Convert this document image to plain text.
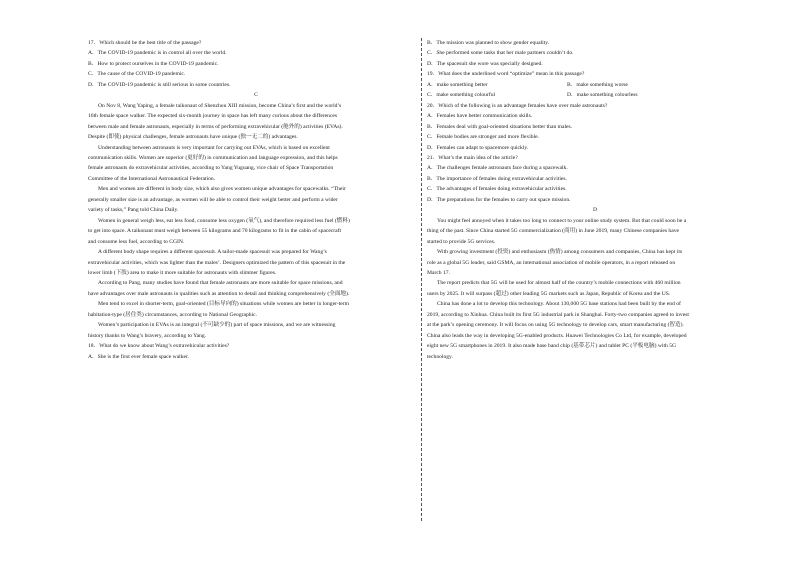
17．Which should be the best title of the passage?
A．The COVID-19 pandemic is in control all over the world.
B．How to protect ourselves in the COVID-19 pandemic.
C．The cause of the COVID-19 pandemic.
D．The COVID-19 pandemic is still serious in some countries.
C
On Nov 8, Wang Yaping, a female taikonaut of Shenzhou XIII mission, become China’s first and the world’s
16th female space walker. The expected six-month journey in space has left many curious about the differences
between male and female astronauts, especially in terms of performing extravehicular (舱外的) activities (EVAs).
Despite (即使) physical challenges, female astronauts have unique (独一无二的) advantages.
Understanding between astronauts is very important for carrying out EVAs, which is based on excellent
communication skills. Women are superior (更好的) in communication and language expression, and this helps
female astronauts do extravehicular activities, according to Yang Yuguang, vice chair of Space Transportation
Committee of the International Astronautical Federation.
Men and women are different in body size, which also gives women unique advantages for spacewalks. “Their
generally smaller size is an advantage, as women will be able to control their weight better and perform a wider
variety of tasks,” Pang told China Daily.
Women in general weigh less, eat less food, consume less oxygen (氧气), and therefore required less fuel (燃料)
to get into space. A taikonaut must weigh between 55 kilograms and 70 kilograms to fit in the cabin of spacecraft
and consume less fuel, according to CGIN.
A different body shape requires a different spacesuit. A tailor-made spacesuit was prepared for Wang’s
extravehicular activities, which was lighter than the males’. Designers optimized the pattern of this spacesuit in the
lower limb (下肢) area to make it more suitable for astronauts with slimmer figures.
According to Pang, many studies have found that female astronauts are more suitable for space missions, and
have advantages over male astronauts in qualities such as attention to detail and thinking comprehensively (全面地).
Men tend to excel in shorter-term, goal-oriented (目标导向的) situations while women are better in longer-term
habitation-type (居住类) circumstances, according to National Geographic.
Women’s participation in EVAs is an integral (不可缺少的) part of space missions, and we are witnessing
history thanks to Wang’s bravery, according to Yang.
18．What do we know about Wang’s extravehicular activities?
A．She is the first ever female space walker.
B．The mission was planned to show gender equality.
C．She performed some tasks that her male partners couldn’t do.
D．The spacesuit she wore was specially designed.
19．What does the underlined word “optimize” mean in this passage?
A．make something better	B．make something worse
C．make something colourful	D．make something colourless
20．Which of the following is an advantage females have over male astronauts?
A．Females have better communication skills.
B．Females deal with goal-oriented situations better than males.
C．Female bodies are stronger and more flexible.
D．Females can adapt to spacemore quickly.
21．What’s the main idea of the article?
A．The challenges female astronauts face during a spacewalk.
B．The importance of females doing extravehicular activities.
C．The advantages of females doing extravehicular activities.
D．The preparations for the females to carry out space mission.
D
You might feel annoyed when it takes too long to connect to your online study system. But that could soon be a
thing of the past. Since China started 5G commercialization (商用) in June 2019, many Chinese companies have
started to provide 5G services.
With growing investment (投资) and enthusiasm (热情) among consumers and companies, China has kept its
role as a global 5G leader, said GSMA, an international association of mobile operators, in a report released on
March 17.
The report predicts that 5G will be used for almost half of the country’s mobile connections with 460 million
users by 2025. It will surpass (超过) other leading 5G markets such as Japan, Republic of Korea and the US.
China has done a lot to develop this technology. About 130,000 5G base stations had been built by the end of
2019, according to Xinhua. China built its first 5G industrial park in Shanghai. Forty-two companies agreed to invest
at the park’s opening ceremony. It will focus on using 5G technology to develop cars, smart manufacturing (智造).
China also leads the way in developing 5G-enabled products. Huawei Technologies Co Ltd, for example, developed
eight new 5G smartphones in 2019. It also made base band chip (基带芯片) and tablet PC (平板电脑) with 5G
technology.
